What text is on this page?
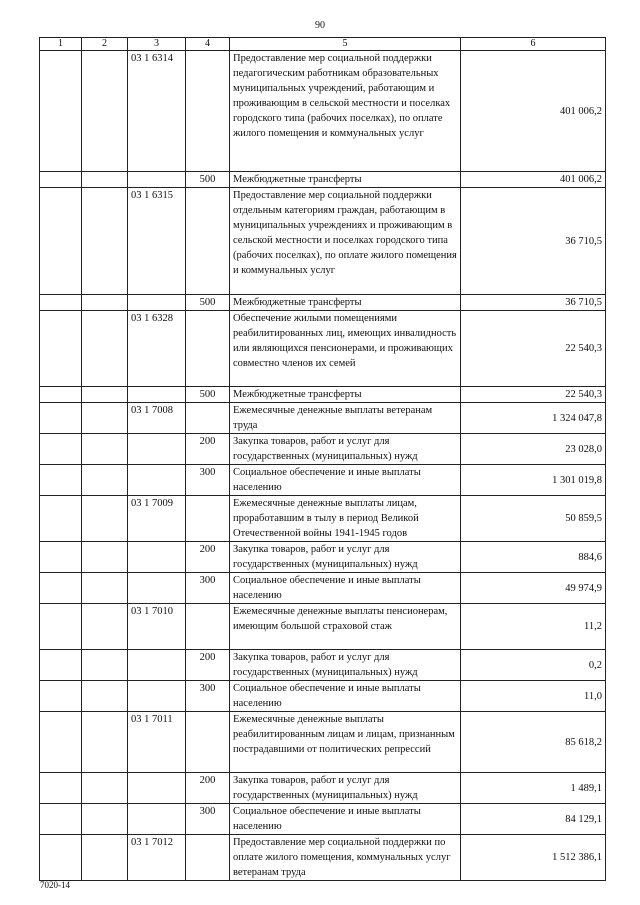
90
1	2	3	4	5	6
		03 1 6314		Предоставление мер социальной поддержки педагогическим работникам образовательных муниципальных учреждений, работающим и проживающим в сельской местности и поселках городского типа (рабочих поселках), по оплате жилого помещения и коммунальных услуг	401 006,2
			500	Межбюджетные трансферты	401 006,2
		03 1 6315		Предоставление мер социальной поддержки отдельным категориям граждан, работающим в муниципальных учреждениях и проживающим в сельской местности и поселках городского типа (рабочих поселках), по оплате жилого помещения и коммунальных услуг	36 710,5
			500	Межбюджетные трансферты	36 710,5
		03 1 6328		Обеспечение жилыми помещениями реабилитированных лиц, имеющих инвалидность или являющихся пенсионерами, и проживающих совместно членов их семей	22 540,3
			500	Межбюджетные трансферты	22 540,3
		03 1 7008		Ежемесячные денежные выплаты ветеранам труда	1 324 047,8
			200	Закупка товаров, работ и услуг для государственных (муниципальных) нужд	23 028,0
			300	Социальное обеспечение и иные выплаты населению	1 301 019,8
		03 1 7009		Ежемесячные денежные выплаты лицам, проработавшим в тылу в период Великой Отечественной войны 1941-1945 годов	50 859,5
			200	Закупка товаров, работ и услуг для государственных (муниципальных) нужд	884,6
			300	Социальное обеспечение и иные выплаты населению	49 974,9
		03 1 7010		Ежемесячные денежные выплаты пенсионерам, имеющим большой страховой стаж	11,2
			200	Закупка товаров, работ и услуг для государственных (муниципальных) нужд	0,2
			300	Социальное обеспечение и иные выплаты населению	11,0
		03 1 7011		Ежемесячные денежные выплаты реабилитированным лицам и лицам, признанным пострадавшими от политических репрессий	85 618,2
			200	Закупка товаров, работ и услуг для государственных (муниципальных) нужд	1 489,1
			300	Социальное обеспечение и иные выплаты населению	84 129,1
		03 1 7012		Предоставление мер социальной поддержки по оплате жилого помещения, коммунальных услуг ветеранам труда	1 512 386,1
7020-14
